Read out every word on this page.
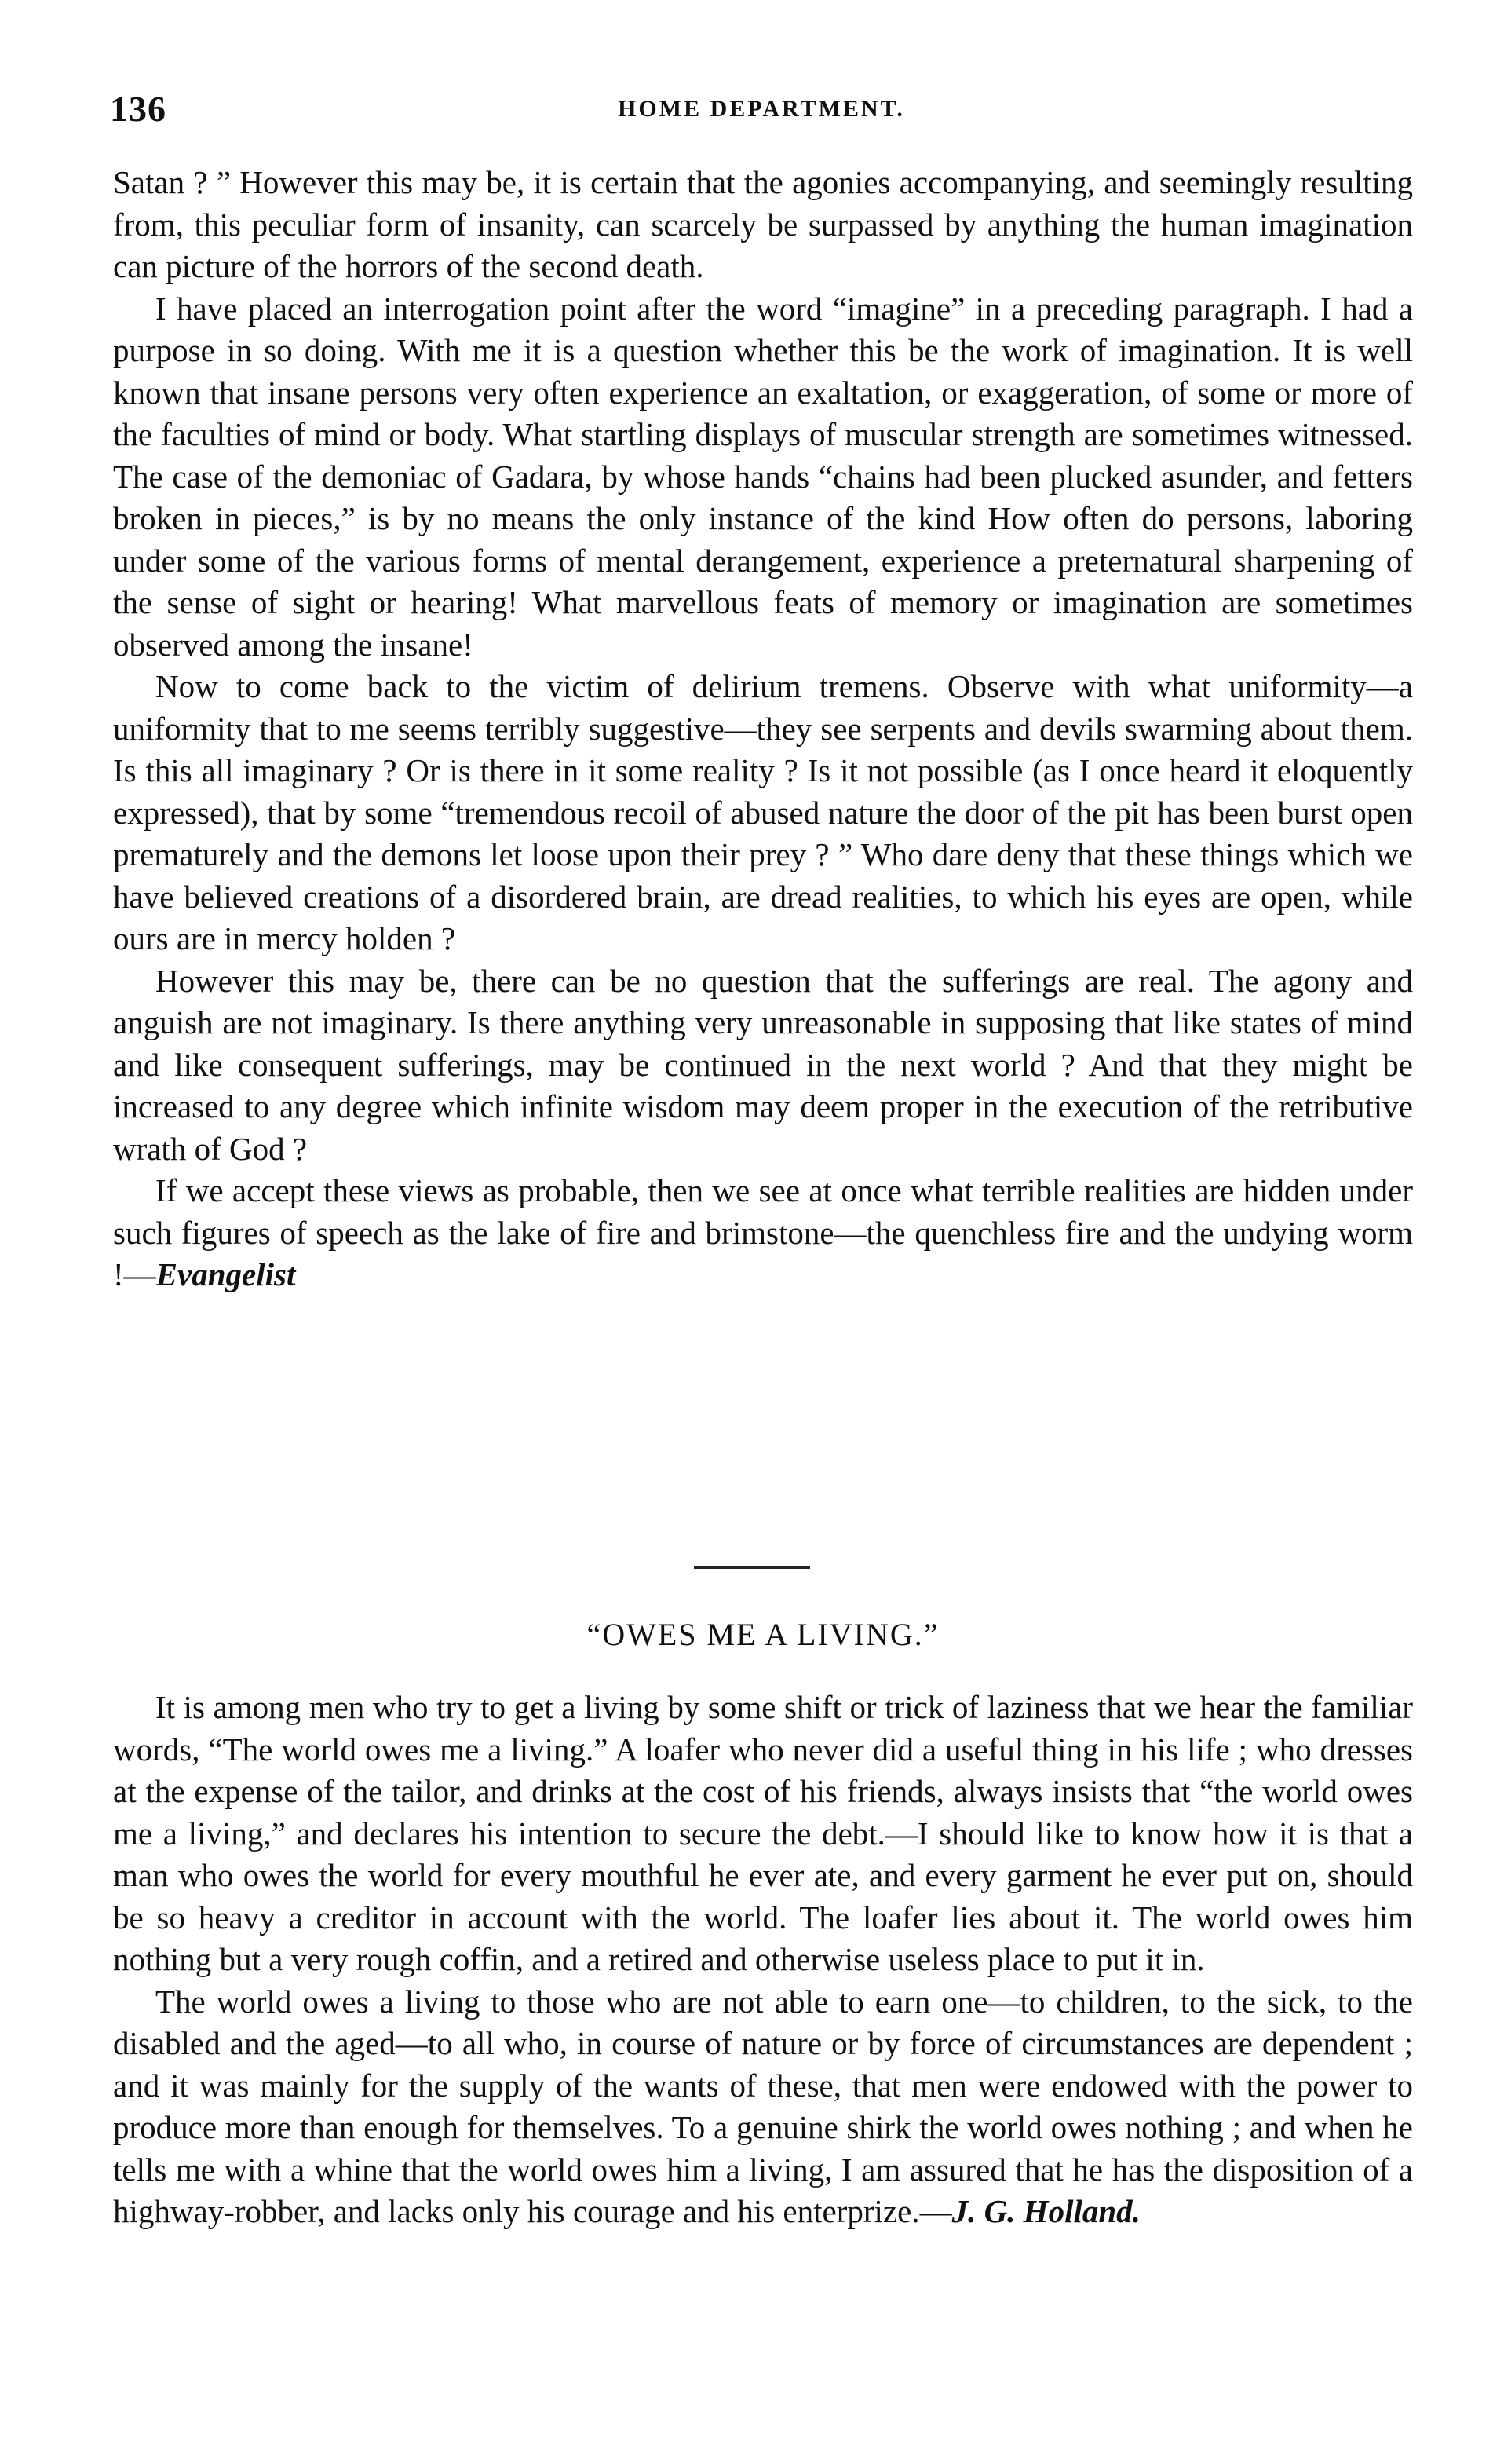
136	HOME DEPARTMENT.

Satan ? ” However this may be, it is certain that the agonies accompanying, and seemingly resulting from, this peculiar form of insanity, can scarcely be surpassed by anything the human imagination can picture of the horrors of the second death.

I have placed an interrogation point after the word “imagine” in a preceding paragraph. I had a purpose in so doing. With me it is a question whether this be the work of imagination. It is well known that insane persons very often experience an exaltation, or exaggeration, of some or more of the faculties of mind or body. What startling displays of muscular strength are sometimes witnessed. The case of the demoniac of Gadara, by whose hands “chains had been plucked asunder, and fetters broken in pieces,” is by no means the only instance of the kind How often do persons, laboring under some of the various forms of mental derangement, experience a preternatural sharpening of the sense of sight or hearing! What marvellous feats of memory or imagination are sometimes observed among the insane!

Now to come back to the victim of delirium tremens. Observe with what uniformity—a uniformity that to me seems terribly suggestive—they see serpents and devils swarming about them. Is this all imaginary ? Or is there in it some reality ? Is it not possible (as I once heard it eloquently expressed), that by some “tremendous recoil of abused nature the door of the pit has been burst open prematurely and the demons let loose upon their prey ? ” Who dare deny that these things which we have believed creations of a disordered brain, are dread realities, to which his eyes are open, while ours are in mercy holden ?

However this may be, there can be no question that the sufferings are real. The agony and anguish are not imaginary. Is there anything very unreasonable in supposing that like states of mind and like consequent sufferings, may be continued in the next world ? And that they might be increased to any degree which infinite wisdom may deem proper in the execution of the retributive wrath of God ?

If we accept these views as probable, then we see at once what terrible realities are hidden under such figures of speech as the lake of fire and brimstone—the quenchless fire and the undying worm !—Evangelist

“OWES ME A LIVING.”

It is among men who try to get a living by some shift or trick of laziness that we hear the familiar words, “The world owes me a living.” A loafer who never did a useful thing in his life ; who dresses at the expense of the tailor, and drinks at the cost of his friends, always insists that “the world owes me a living,” and declares his intention to secure the debt.—I should like to know how it is that a man who owes the world for every mouthful he ever ate, and every garment he ever put on, should be so heavy a creditor in account with the world. The loafer lies about it. The world owes him nothing but a very rough coffin, and a retired and otherwise useless place to put it in.

The world owes a living to those who are not able to earn one—to children, to the sick, to the disabled and the aged—to all who, in course of nature or by force of circumstances are dependent ; and it was mainly for the supply of the wants of these, that men were endowed with the power to produce more than enough for themselves. To a genuine shirk the world owes nothing ; and when he tells me with a whine that the world owes him a living, I am assured that he has the disposition of a highway-robber, and lacks only his courage and his enterprize.—J. G. Holland.
